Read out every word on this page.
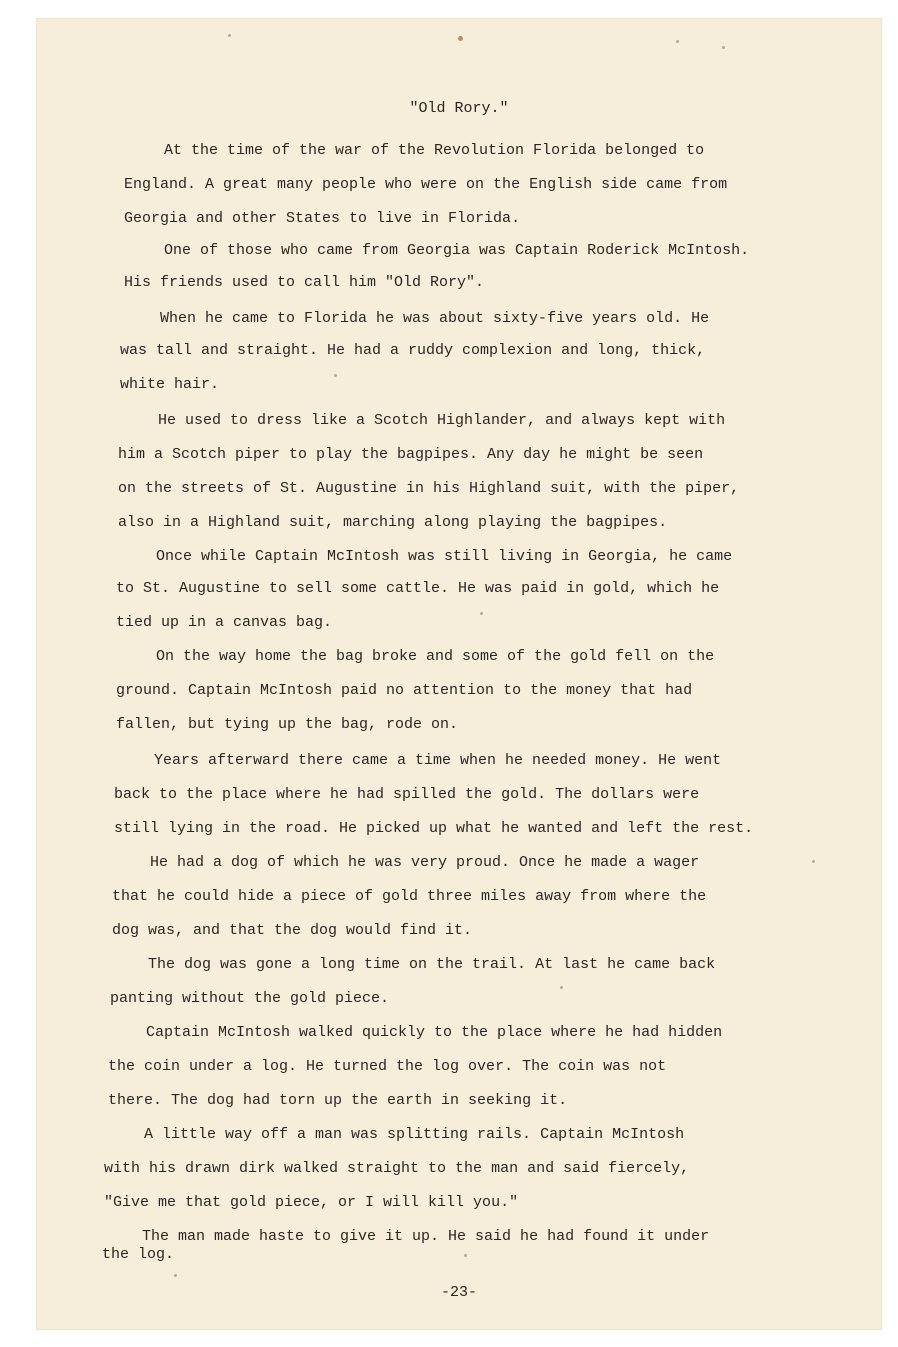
"Old Rory."

At the time of the war of the Revolution Florida belonged to

England. A great many people who were on the English side came from

Georgia and other States to live in Florida.

One of those who came from Georgia was Captain Roderick McIntosh.

His friends used to call him "Old Rory".

When he came to Florida he was about sixty-five years old. He

was tall and straight. He had a ruddy complexion and long, thick,

white hair.

He used to dress like a Scotch Highlander, and always kept with

him a Scotch piper to play the bagpipes. Any day he might be seen

on the streets of St. Augustine in his Highland suit, with the piper,

also in a Highland suit, marching along playing the bagpipes.

Once while Captain McIntosh was still living in Georgia, he came

to St. Augustine to sell some cattle. He was paid in gold, which he

tied up in a canvas bag.

On the way home the bag broke and some of the gold fell on the

ground. Captain McIntosh paid no attention to the money that had

fallen, but tying up the bag, rode on.

Years afterward there came a time when he needed money. He went

back to the place where he had spilled the gold. The dollars were

still lying in the road. He picked up what he wanted and left the rest.

He had a dog of which he was very proud. Once he made a wager

that he could hide a piece of gold three miles away from where the

dog was, and that the dog would find it.

The dog was gone a long time on the trail. At last he came back

panting without the gold piece.

Captain McIntosh walked quickly to the place where he had hidden

the coin under a log. He turned the log over. The coin was not

there. The dog had torn up the earth in seeking it.

A little way off a man was splitting rails. Captain McIntosh

with his drawn dirk walked straight to the man and said fiercely,

"Give me that gold piece, or I will kill you."

The man made haste to give it up. He said he had found it under

the log.

-23-
